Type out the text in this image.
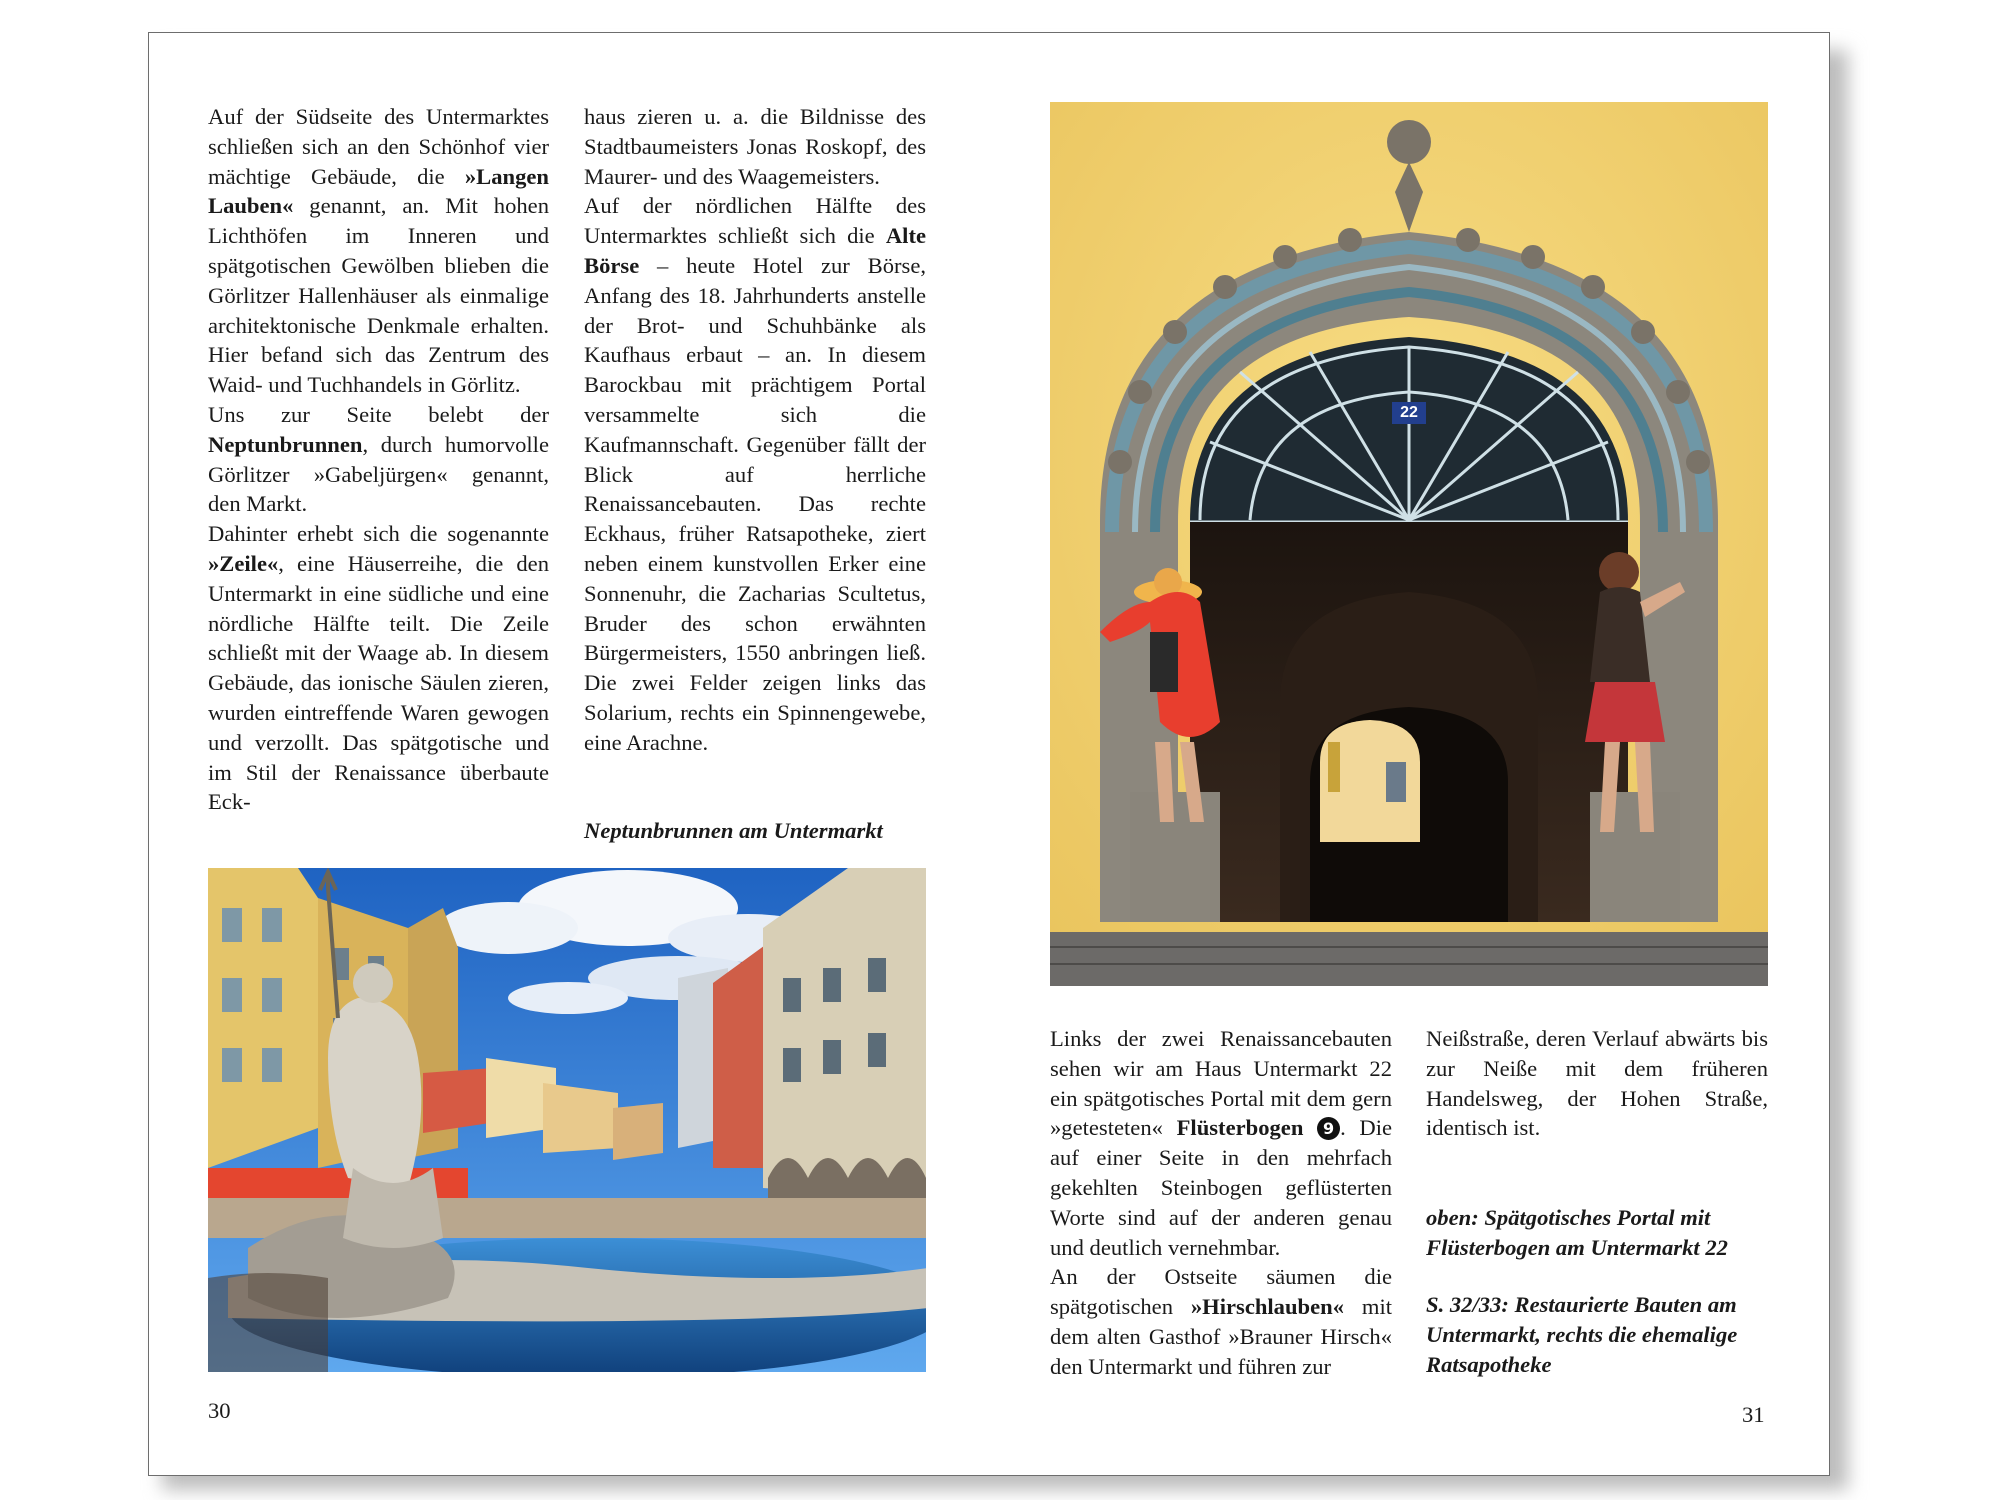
Auf der Südseite des Untermarktes schließen sich an den Schönhof vier mächtige Gebäude, die »Langen Lauben« genannt, an. Mit hohen Lichthöfen im Inneren und spätgotischen Gewölben blieben die Görlitzer Hallenhäuser als einmalige architektonische Denkmale erhalten. Hier befand sich das Zentrum des Waid- und Tuchhandels in Görlitz.

Uns zur Seite belebt der Neptunbrunnen, durch humorvolle Görlitzer »Gabeljürgen« genannt, den Markt.

Dahinter erhebt sich die sogenannte »Zeile«, eine Häuserreihe, die den Untermarkt in eine südliche und eine nördliche Hälfte teilt. Die Zeile schließt mit der Waage ab. In diesem Gebäude, das ionische Säulen zieren, wurden eintreffende Waren gewogen und verzollt. Das spätgotische und im Stil der Renaissance überbaute Eck-

haus zieren u. a. die Bildnisse des Stadtbaumeisters Jonas Roskopf, des Maurer- und des Waagemeisters.

Auf der nördlichen Hälfte des Untermarktes schließt sich die Alte Börse – heute Hotel zur Börse, Anfang des 18. Jahrhunderts anstelle der Brot- und Schuhbänke als Kaufhaus erbaut – an. In diesem Barockbau mit prächtigem Portal versammelte sich die Kaufmannschaft. Gegenüber fällt der Blick auf herrliche Renaissancebauten. Das rechte Eckhaus, früher Ratsapotheke, ziert neben einem kunstvollen Erker eine Sonnenuhr, die Zacharias Scultetus, Bruder des schon erwähnten Bürgermeisters, 1550 anbringen ließ. Die zwei Felder zeigen links das Solarium, rechts ein Spinnengewebe, eine Arachne.

Neptunbrunnen am Untermarkt
30
22

Links der zwei Renaissancebauten sehen wir am Haus Untermarkt 22 ein spätgotisches Portal mit dem gern »getesteten« Flüsterbogen 9 . Die auf einer Seite in den mehrfach gekehlten Steinbogen geflüsterten Worte sind auf der anderen genau und deutlich vernehmbar.

An der Ostseite säumen die spätgotischen »Hirschlauben« mit dem alten Gasthof »Brauner Hirsch« den Untermarkt und führen zur

Neißstraße, deren Verlauf abwärts bis zur Neiße mit dem früheren Handelsweg, der Hohen Straße, identisch ist.

oben: Spätgotisches Portal mit Flüsterbogen am Untermarkt 22
S. 32/33: Restaurierte Bauten am Untermarkt, rechts die ehemalige Ratsapotheke
31
